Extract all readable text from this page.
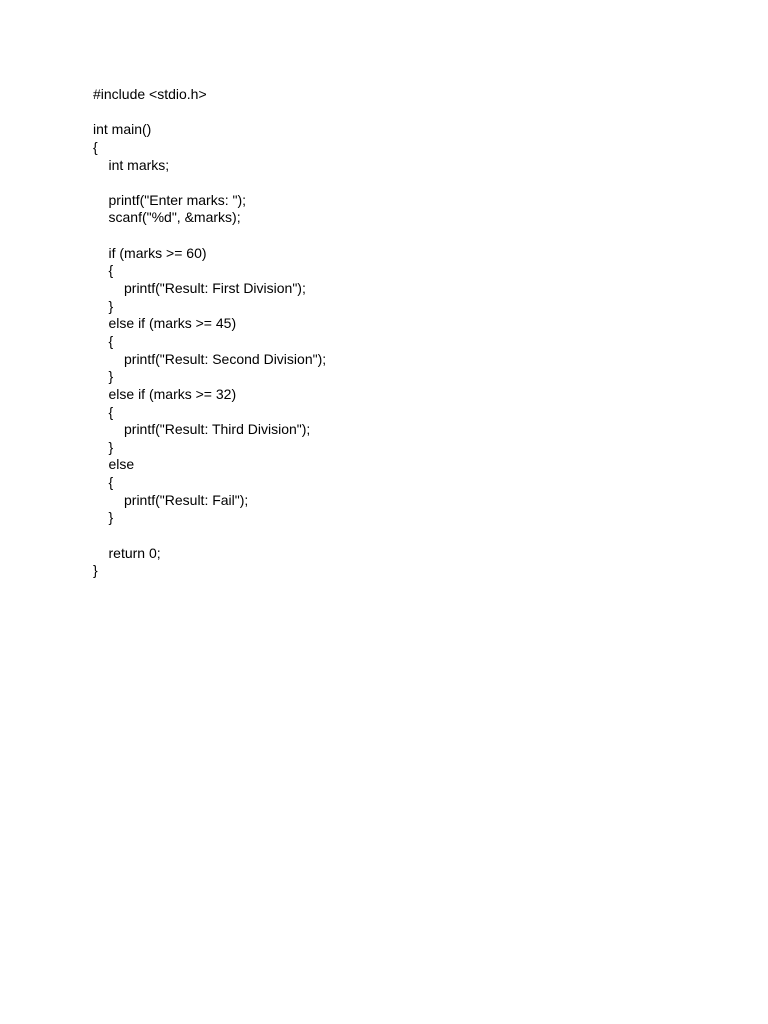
#include <stdio.h>
int main()
{
int marks;
printf("Enter marks: ");
scanf("%d", &marks);
if (marks >= 60)
{
printf("Result: First Division");
}
else if (marks >= 45)
{
printf("Result: Second Division");
}
else if (marks >= 32)
{
printf("Result: Third Division");
}
else
{
printf("Result: Fail");
}
return 0;
}
